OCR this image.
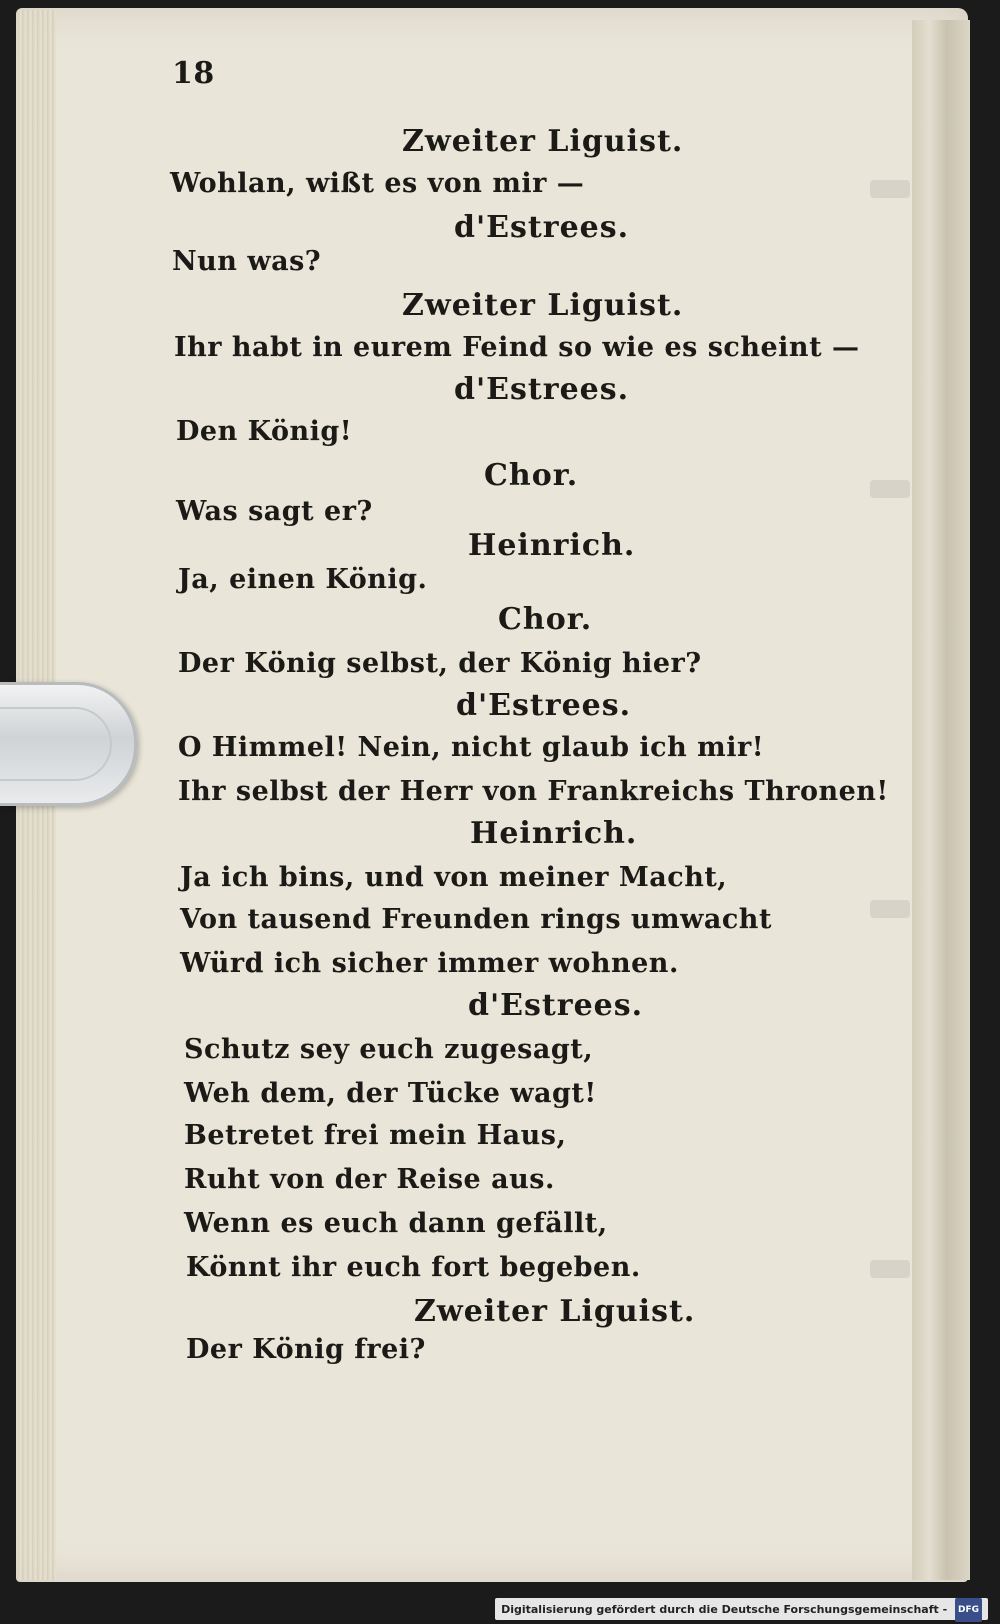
18
Zweiter Liguist.
Wohlan, wißt es von mir —
d'Estrees.
Nun was?
Zweiter Liguist.
Ihr habt in eurem Feind so wie es scheint —
d'Estrees.
Den König!
Chor.
Was sagt er?
Heinrich.
Ja, einen König.
Chor.
Der König selbst, der König hier?
d'Estrees.
O Himmel! Nein, nicht glaub ich mir!
Ihr selbst der Herr von Frankreichs Thronen!
Heinrich.
Ja ich bins, und von meiner Macht,
Von tausend Freunden rings umwacht
Würd ich sicher immer wohnen.
d'Estrees.
Schutz sey euch zugesagt,
Weh dem, der Tücke wagt!
Betretet frei mein Haus,
Ruht von der Reise aus.
Wenn es euch dann gefällt,
Könnt ihr euch fort begeben.
Zweiter Liguist.
Der König frei?
Digitalisierung gefördert durch die Deutsche Forschungsgemeinschaft - DFG
